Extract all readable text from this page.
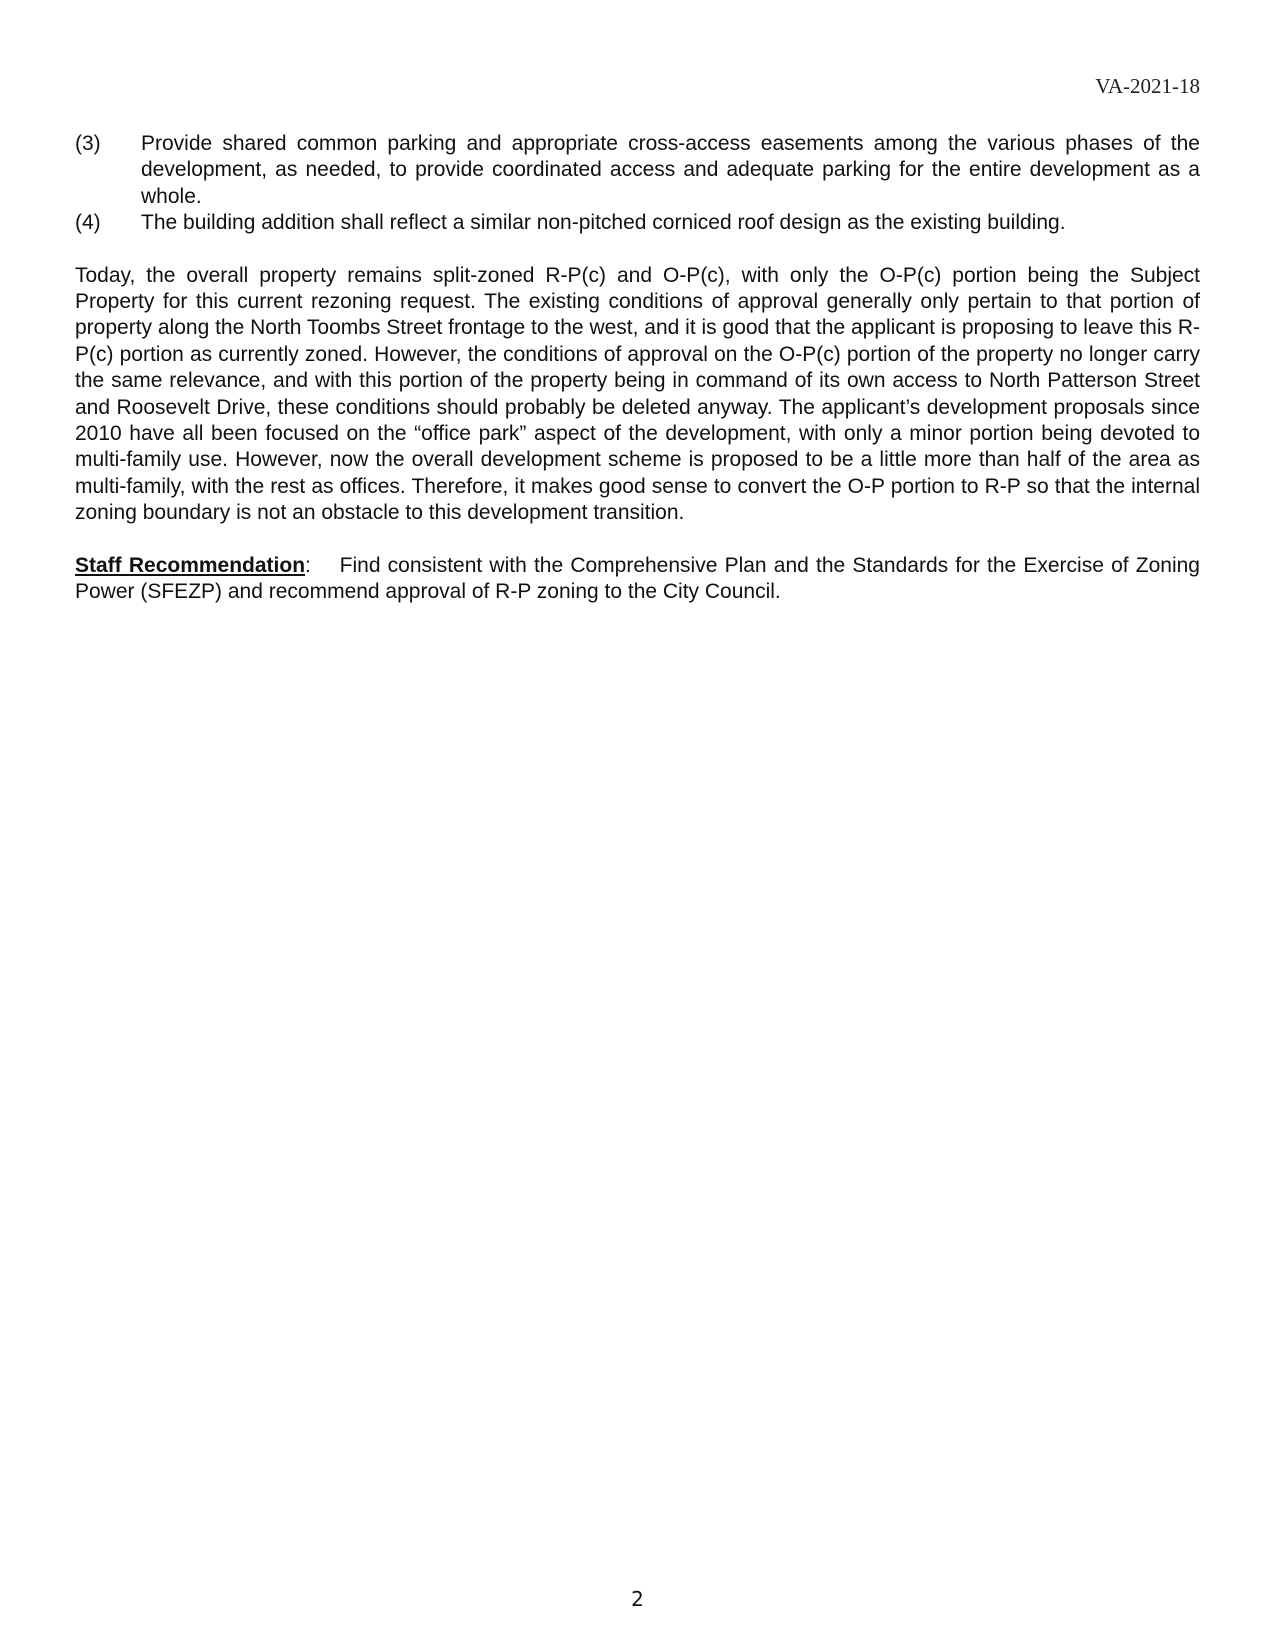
VA-2021-18

(3)	Provide shared common parking and appropriate cross-access easements among the various phases of the development, as needed, to provide coordinated access and adequate parking for the entire development as a whole.
(4)	The building addition shall reflect a similar non-pitched corniced roof design as the existing building.

Today, the overall property remains split-zoned R-P(c) and O-P(c), with only the O-P(c) portion being the Subject Property for this current rezoning request. The existing conditions of approval generally only pertain to that portion of property along the North Toombs Street frontage to the west, and it is good that the applicant is proposing to leave this R-P(c) portion as currently zoned. However, the conditions of approval on the O-P(c) portion of the property no longer carry the same relevance, and with this portion of the property being in command of its own access to North Patterson Street and Roosevelt Drive, these conditions should probably be deleted anyway. The applicant’s development proposals since 2010 have all been focused on the “office park” aspect of the development, with only a minor portion being devoted to multi-family use. However, now the overall development scheme is proposed to be a little more than half of the area as multi-family, with the rest as offices. Therefore, it makes good sense to convert the O-P portion to R-P so that the internal zoning boundary is not an obstacle to this development transition.

Staff Recommendation: Find consistent with the Comprehensive Plan and the Standards for the Exercise of Zoning Power (SFEZP) and recommend approval of R-P zoning to the City Council.

2
